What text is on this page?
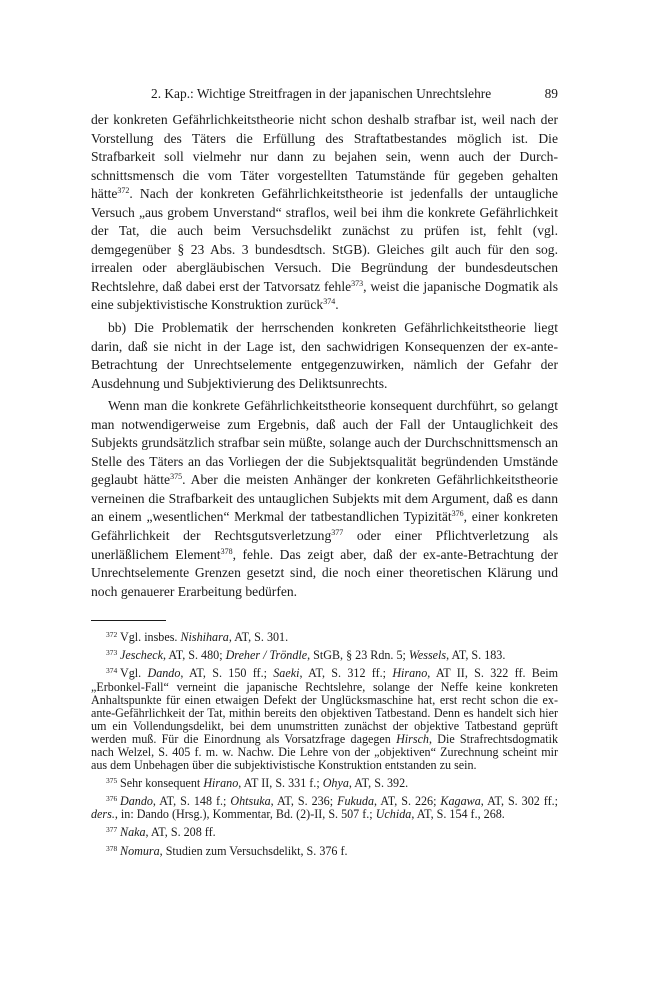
2. Kap.: Wichtige Streitfragen in der japanischen Unrechtslehre	89

der konkreten Gefährlichkeitstheorie nicht schon deshalb strafbar ist, weil nach der Vorstellung des Täters die Erfüllung des Straftatbestandes möglich ist. Die Strafbarkeit soll vielmehr nur dann zu bejahen sein, wenn auch der Durchschnittsmensch die vom Täter vorgestellten Tatumstände für gegeben gehalten hätte$^{372}$. Nach der konkreten Gefährlichkeitstheorie ist jedenfalls der untaugliche Versuch „aus grobem Unverstand“ straflos, weil bei ihm die konkrete Gefährlichkeit der Tat, die auch beim Versuchsdelikt zunächst zu prüfen ist, fehlt (vgl. demgegenüber § 23 Abs. 3 bundesdtsch. StGB). Gleiches gilt auch für den sog. irrealen oder abergläubischen Versuch. Die Begründung der bundesdeutschen Rechtslehre, daß dabei erst der Tatvorsatz fehle$^{373}$, weist die japanische Dogmatik als eine subjektivistische Konstruktion zurück$^{374}$.

bb) Die Problematik der herrschenden konkreten Gefährlichkeitstheorie liegt darin, daß sie nicht in der Lage ist, den sachwidrigen Konsequenzen der ex-ante-Betrachtung der Unrechtselemente entgegenzuwirken, nämlich der Gefahr der Ausdehnung und Subjektivierung des Deliktsunrechts.

Wenn man die konkrete Gefährlichkeitstheorie konsequent durchführt, so gelangt man notwendigerweise zum Ergebnis, daß auch der Fall der Untauglichkeit des Subjekts grundsätzlich strafbar sein müßte, solange auch der Durchschnittsmensch an Stelle des Täters an das Vorliegen der die Subjektsqualität begründenden Umstände geglaubt hätte$^{375}$. Aber die meisten Anhänger der konkreten Gefährlichkeitstheorie verneinen die Strafbarkeit des untauglichen Subjekts mit dem Argument, daß es dann an einem „wesentlichen“ Merkmal der tatbestandlichen Typizität$^{376}$, einer konkreten Gefährlichkeit der Rechtsgutsverletzung$^{377}$ oder einer Pflichtverletzung als unerläßlichem Element$^{378}$, fehle. Das zeigt aber, daß der ex-ante-Betrachtung der Unrechtselemente Grenzen gesetzt sind, die noch einer theoretischen Klärung und noch genauerer Erarbeitung bedürfen.

$^{372}$ Vgl. insbes. Nishihara, AT, S. 301.
$^{373}$ Jescheck, AT, S. 480; Dreher / Tröndle, StGB, § 23 Rdn. 5; Wessels, AT, S. 183.
$^{374}$ Vgl. Dando, AT, S. 150 ff.; Saeki, AT, S. 312 ff.; Hirano, AT II, S. 322 ff. Beim „Erbonkel-Fall“ verneint die japanische Rechtslehre, solange der Neffe keine konkreten Anhaltspunkte für einen etwaigen Defekt der Unglücksmaschine hat, erst recht schon die ex-ante-Gefährlichkeit der Tat, mithin bereits den objektiven Tatbestand. Denn es handelt sich hier um ein Vollendungsdelikt, bei dem unumstritten zunächst der objektive Tatbestand geprüft werden muß. Für die Einordnung als Vorsatzfrage dagegen Hirsch, Die Strafrechtsdogmatik nach Welzel, S. 405 f. m. w. Nachw. Die Lehre von der „objektiven“ Zurechnung scheint mir aus dem Unbehagen über die subjektivistische Konstruktion entstanden zu sein.
$^{375}$ Sehr konsequent Hirano, AT II, S. 331 f.; Ohya, AT, S. 392.
$^{376}$ Dando, AT, S. 148 f.; Ohtsuka, AT, S. 236; Fukuda, AT, S. 226; Kagawa, AT, S. 302 ff.; ders., in: Dando (Hrsg.), Kommentar, Bd. (2)-II, S. 507 f.; Uchida, AT, S. 154 f., 268.
$^{377}$ Naka, AT, S. 208 ff.
$^{378}$ Nomura, Studien zum Versuchsdelikt, S. 376 f.
